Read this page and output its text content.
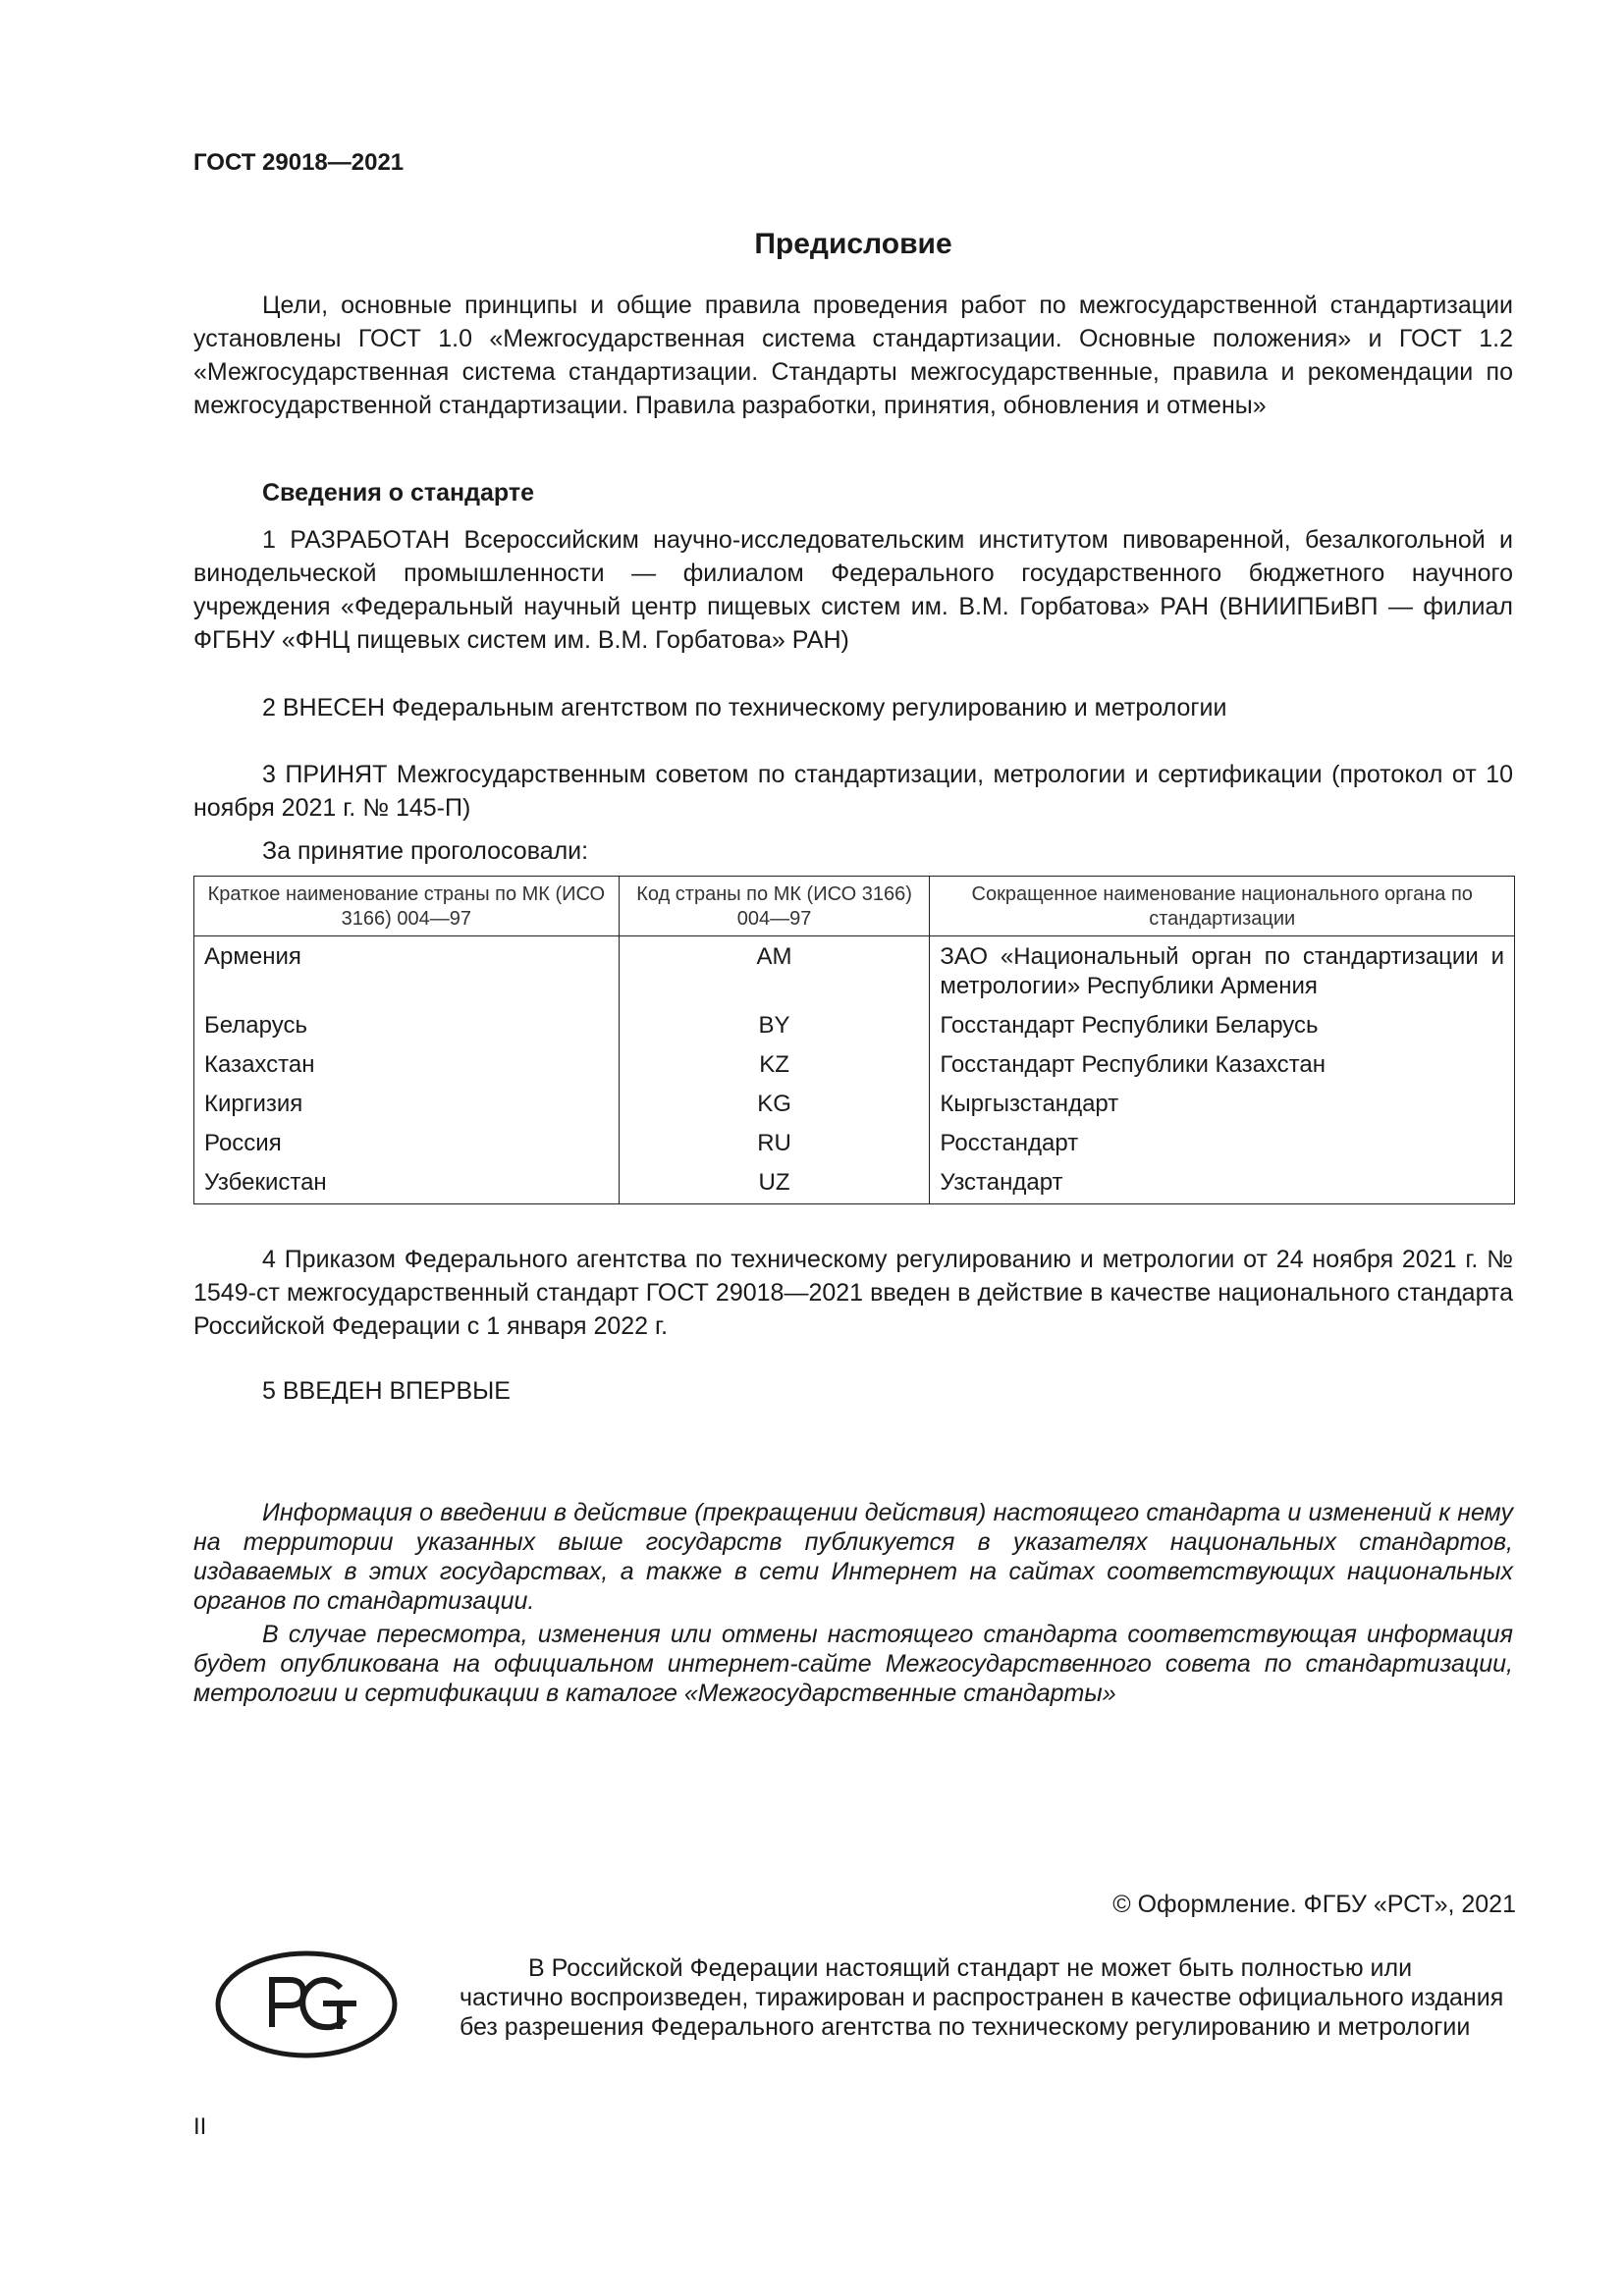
ГОСТ 29018—2021
Предисловие

Цели, основные принципы и общие правила проведения работ по межгосударственной стандартизации установлены ГОСТ 1.0 «Межгосударственная система стандартизации. Основные положения» и ГОСТ 1.2 «Межгосударственная система стандартизации. Стандарты межгосударственные, правила и рекомендации по межгосударственной стандартизации. Правила разработки, принятия, обновления и отмены»

Сведения о стандарте

1 РАЗРАБОТАН Всероссийским научно-исследовательским институтом пивоваренной, безалкогольной и винодельческой промышленности — филиалом Федерального государственного бюджетного научного учреждения «Федеральный научный центр пищевых систем им. В.М. Горбатова» РАН (ВНИИПБиВП — филиал ФГБНУ «ФНЦ пищевых систем им. В.М. Горбатова» РАН)

2 ВНЕСЕН Федеральным агентством по техническому регулированию и метрологии

3 ПРИНЯТ Межгосударственным советом по стандартизации, метрологии и сертификации (протокол от 10 ноября 2021 г. № 145-П)

За принятие проголосовали:
Краткое наименование страны по МК (ИСО 3166) 004—97	Код страны по МК (ИСО 3166) 004—97	Сокращенное наименование национального органа по стандартизации
Армения	AM	ЗАО «Национальный орган по стандартизации и метрологии» Республики Армения
Беларусь	BY	Госстандарт Республики Беларусь
Казахстан	KZ	Госстандарт Республики Казахстан
Киргизия	KG	Кыргызстандарт
Россия	RU	Росстандарт
Узбекистан	UZ	Узстандарт

4 Приказом Федерального агентства по техническому регулированию и метрологии от 24 ноября 2021 г. № 1549-ст межгосударственный стандарт ГОСТ 29018—2021 введен в действие в качестве национального стандарта Российской Федерации с 1 января 2022 г.

5 ВВЕДЕН ВПЕРВЫЕ

Информация о введении в действие (прекращении действия) настоящего стандарта и изменений к нему на территории указанных выше государств публикуется в указателях национальных стандартов, издаваемых в этих государствах, а также в сети Интернет на сайтах соответствующих национальных органов по стандартизации.

В случае пересмотра, изменения или отмены настоящего стандарта соответствующая информация будет опубликована на официальном интернет-сайте Межгосударственного совета по стандартизации, метрологии и сертификации в каталоге «Межгосударственные стандарты»

© Оформление. ФГБУ «РСТ», 2021

В Российской Федерации настоящий стандарт не может быть полностью или частично воспроизведен, тиражирован и распространен в качестве официального издания без разрешения Федерального агентства по техническому регулированию и метрологии

II
